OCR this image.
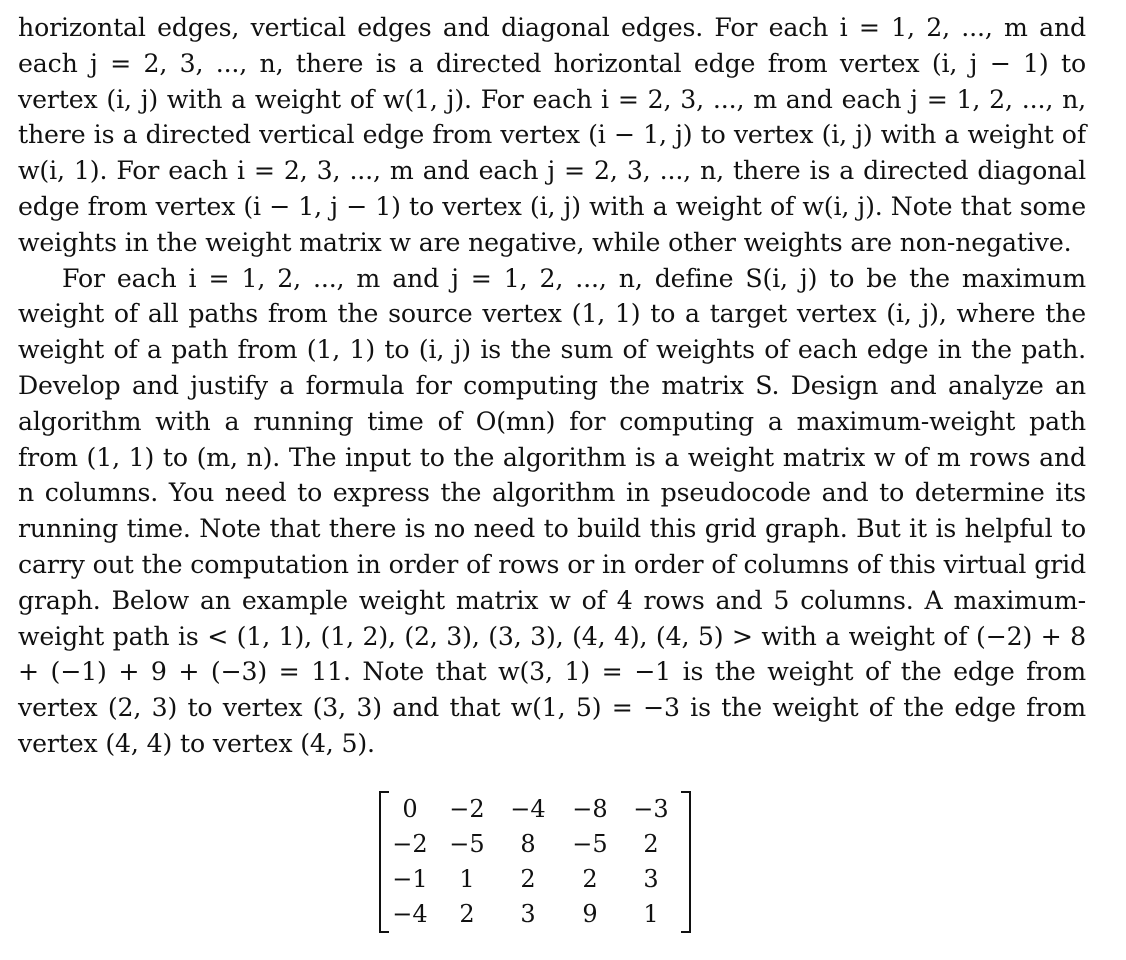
horizontal edges, vertical edges and diagonal edges. For each i = 1, 2, ..., m and each j = 2, 3, ..., n, there is a directed horizontal edge from vertex (i, j − 1) to vertex (i, j) with a weight of w(1, j). For each i = 2, 3, ..., m and each j = 1, 2, ..., n, there is a directed vertical edge from vertex (i − 1, j) to vertex (i, j) with a weight of w(i, 1). For each i = 2, 3, ..., m and each j = 2, 3, ..., n, there is a directed diagonal edge from vertex (i − 1, j − 1) to vertex (i, j) with a weight of w(i, j). Note that some weights in the weight matrix w are negative, while other weights are non-negative.

For each i = 1, 2, ..., m and j = 1, 2, ..., n, define S(i, j) to be the maximum weight of all paths from the source vertex (1, 1) to a target vertex (i, j), where the weight of a path from (1, 1) to (i, j) is the sum of weights of each edge in the path. Develop and justify a formula for computing the matrix S. Design and analyze an algorithm with a running time of O(mn) for computing a maximum-weight path from (1, 1) to (m, n). The input to the algorithm is a weight matrix w of m rows and n columns. You need to express the algorithm in pseudocode and to determine its running time. Note that there is no need to build this grid graph. But it is helpful to carry out the computation in order of rows or in order of columns of this virtual grid graph. Below an example weight matrix w of 4 rows and 5 columns. A maximum-weight path is < (1, 1), (1, 2), (2, 3), (3, 3), (4, 4), (4, 5) > with a weight of (−2) + 8 + (−1) + 9 + (−3) = 11. Note that w(3, 1) = −1 is the weight of the edge from vertex (2, 3) to vertex (3, 3) and that w(1, 5) = −3 is the weight of the edge from vertex (4, 4) to vertex (4, 5).

0	−2	−4	−8	−3
−2	−5	8	−5	2
−1	1	2	2	3
−4	2	3	9	1
